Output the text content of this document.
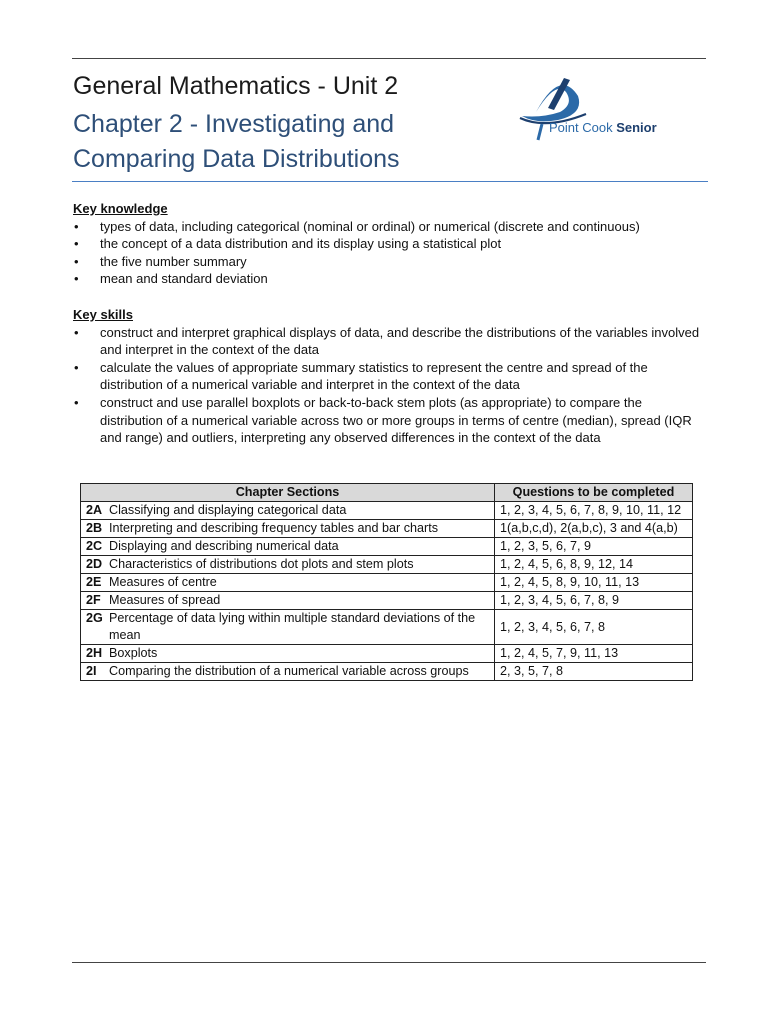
General Mathematics - Unit 2
Chapter 2 - Investigating and
Comparing Data Distributions
Point Cook Senior
Key knowledge
• types of data, including categorical (nominal or ordinal) or numerical (discrete and continuous)
• the concept of a data distribution and its display using a statistical plot
• the five number summary
• mean and standard deviation
Key skills
• construct and interpret graphical displays of data, and describe the distributions of the variables involved and interpret in the context of the data
• calculate the values of appropriate summary statistics to represent the centre and spread of the distribution of a numerical variable and interpret in the context of the data
• construct and use parallel boxplots or back-to-back stem plots (as appropriate) to compare the distribution of a numerical variable across two or more groups in terms of centre (median), spread (IQR and range) and outliers, interpreting any observed differences in the context of the data
Chapter Sections	Questions to be completed

2A Classifying and displaying categorical data	1, 2, 3, 4, 5, 6, 7, 8, 9, 10, 11, 12

2B Interpreting and describing frequency tables and bar charts	1(a,b,c,d), 2(a,b,c), 3 and 4(a,b)

2C Displaying and describing numerical data	1, 2, 3, 5, 6, 7, 9

2D Characteristics of distributions dot plots and stem plots	1, 2, 4, 5, 6, 8, 9, 12, 14

2E Measures of centre	1, 2, 4, 5, 8, 9, 10, 11, 13

2F Measures of spread	1, 2, 3, 4, 5, 6, 7, 8, 9

2G Percentage of data lying within multiple standard deviations of the mean	1, 2, 3, 4, 5, 6, 7, 8

2H Boxplots	1, 2, 4, 5, 7, 9, 11, 13

2I Comparing the distribution of a numerical variable across groups	2, 3, 5, 7, 8
